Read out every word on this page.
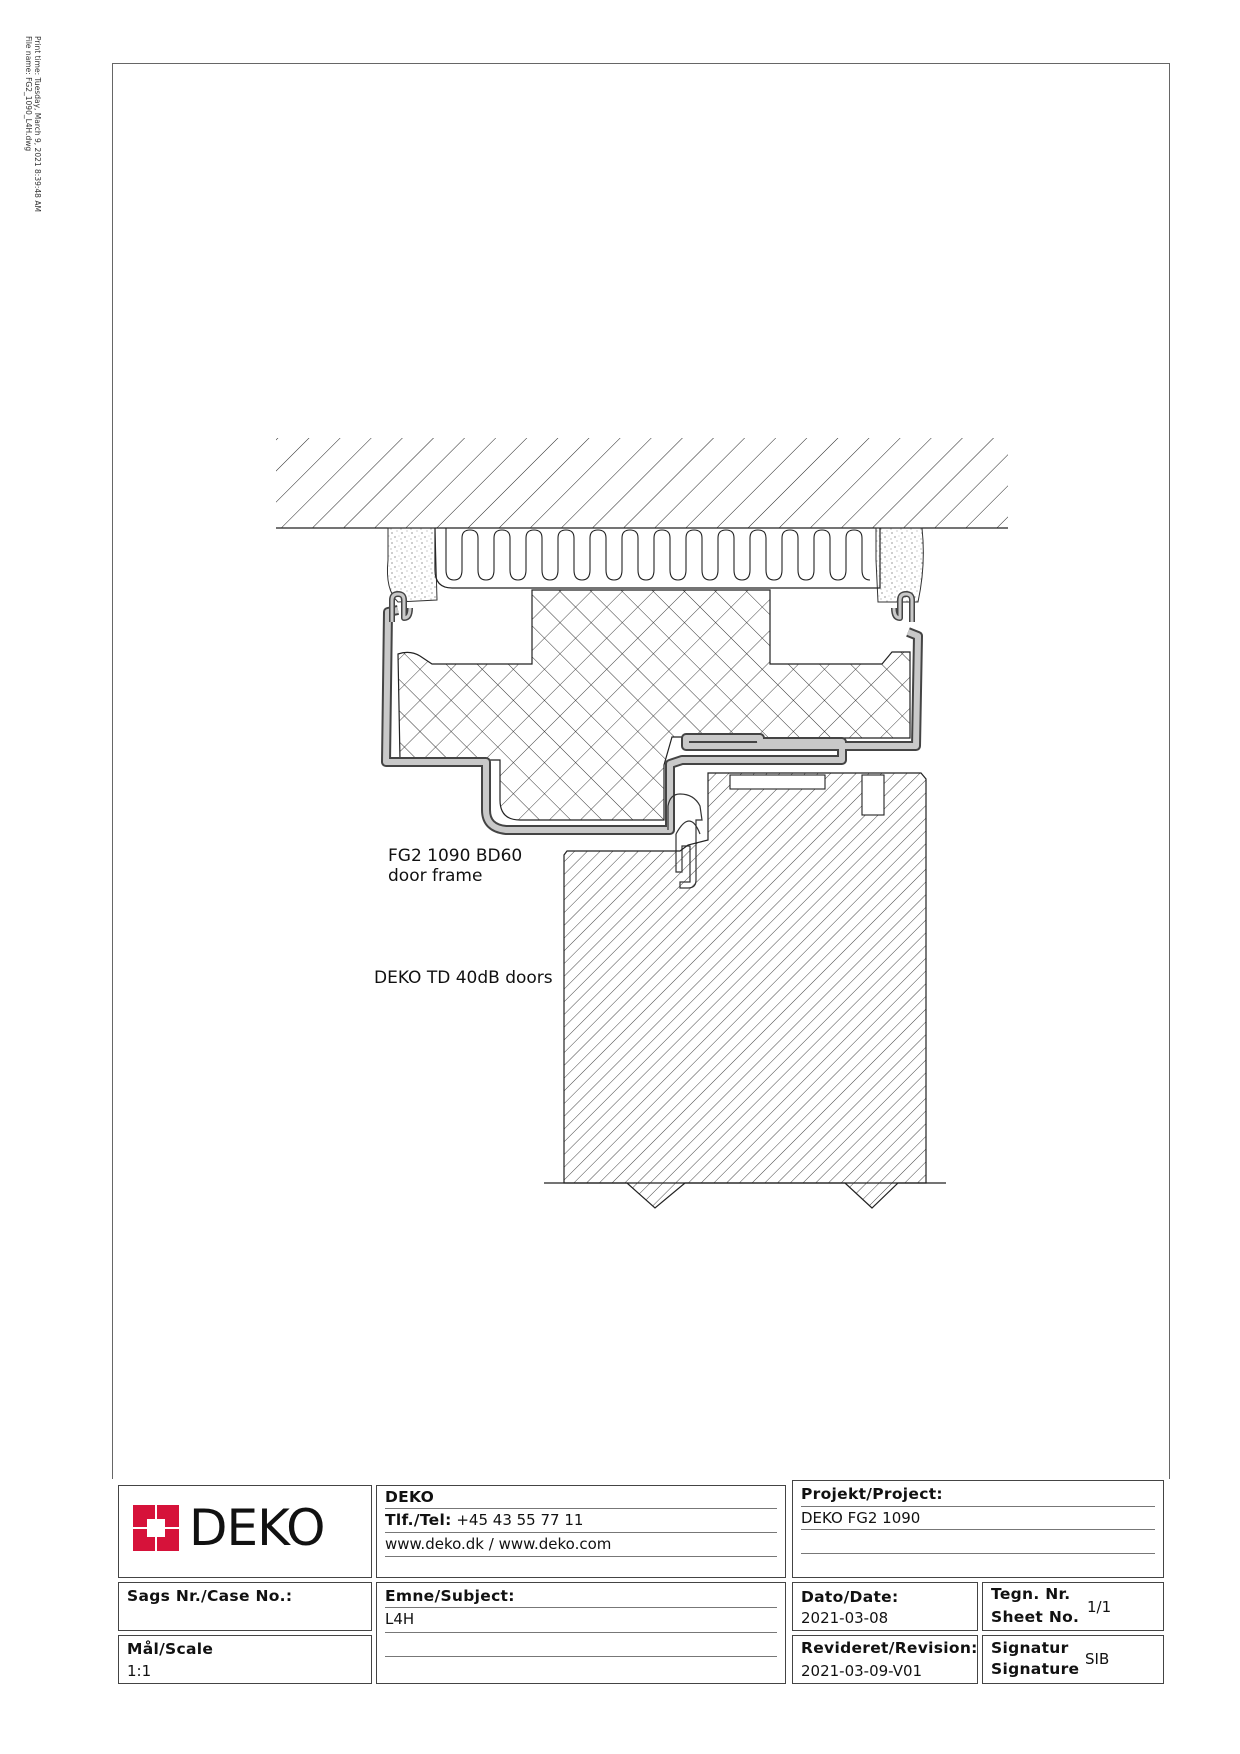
Print time: Tuesday, March 9, 2021 8:39:48 AM
File name: FG2_1090_L4H.dwg
FG2 1090 BD60
door frame
DEKO TD 40dB doors
DEKO
DEKO
Tlf./Tel: +45 43 55 77 11
www.deko.dk / www.deko.com
Projekt/Project:
DEKO FG2 1090
Sags Nr./Case No.:	Emne/Subject:
L4H
Dato/Date:
2021-03-08
Tegn. Nr.
Sheet No.
1/1
Mål/Scale
1:1
Revideret/Revision:
2021-03-09-V01
Signatur
Signature
SIB
